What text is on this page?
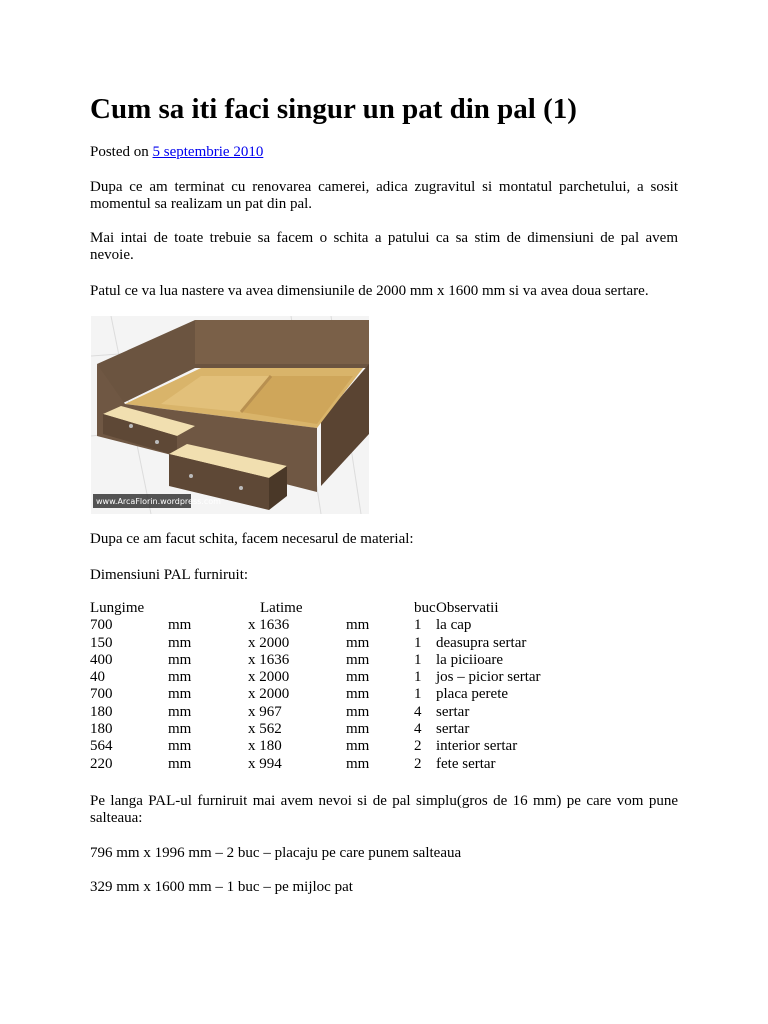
Cum sa iti faci singur un pat din pal (1)
Posted on 5 septembrie 2010

Dupa ce am terminat cu renovarea camerei, adica zugravitul si montatul parchetului, a sosit momentul sa realizam un pat din pal.

Mai intai de toate trebuie sa facem o schita a patului ca sa stim de dimensiuni de pal avem nevoie.

Patul ce va lua nastere va avea dimensiunile de 2000 mm x 1600 mm si va avea doua sertare.

www.ArcaFlorin.wordpress.com

Dupa ce am facut schita, facem necesarul de material:

Dimensiuni PAL furniruit:

Lungime	Latime	buc Observatii
700	mm	x 1636	mm	1 la cap
150	mm	x 2000	mm	1 deasupra sertar
400	mm	x 1636	mm	1 la piciioare
40	mm	x 2000	mm	1 jos – picior sertar
700	mm	x 2000	mm	1 placa perete
180	mm	x 967	mm	4 sertar
180	mm	x 562	mm	4 sertar
564	mm	x 180	mm	2 interior sertar
220	mm	x 994	mm	2 fete sertar

Pe langa PAL-ul furniruit mai avem nevoi si de pal simplu(gros de 16 mm) pe care vom pune salteaua:

796 mm x 1996 mm – 2 buc – placaju pe care punem salteaua

329 mm x 1600 mm – 1 buc – pe mijloc pat
